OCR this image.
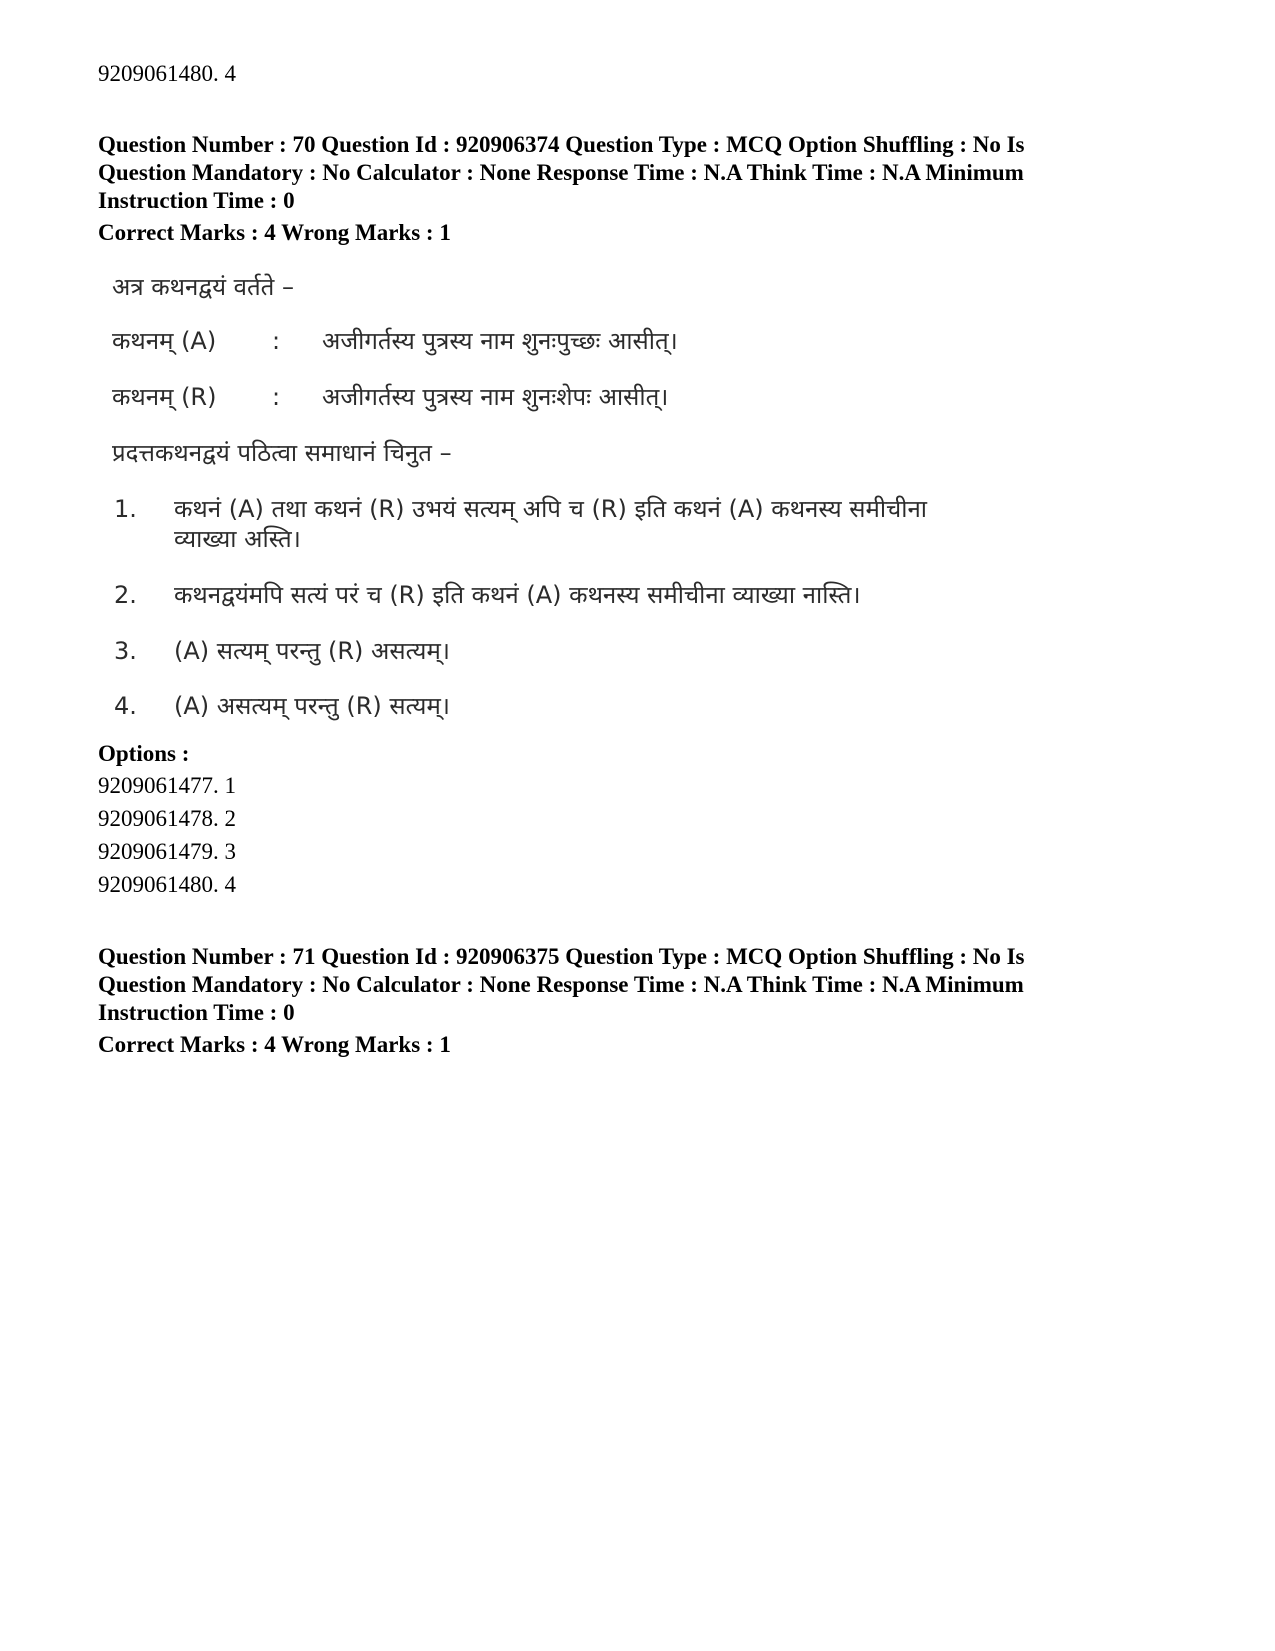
9209061480. 4
Question Number : 70 Question Id : 920906374 Question Type : MCQ Option Shuffling : No Is
Question Mandatory : No Calculator : None Response Time : N.A Think Time : N.A Minimum
Instruction Time : 0
Correct Marks : 4 Wrong Marks : 1
अत्र कथनद्वयं वर्तते –
कथनम् (A) : अजीगर्तस्य पुत्रस्य नाम शुनःपुच्छः आसीत्।
कथनम् (R) : अजीगर्तस्य पुत्रस्य नाम शुनःशेपः आसीत्।
प्रदत्तकथनद्वयं पठित्वा समाधानं चिनुत –
1. कथनं (A) तथा कथनं (R) उभयं सत्यम् अपि च (R) इति कथनं (A) कथनस्य समीचीना
व्याख्या अस्ति।
2. कथनद्वयंमपि सत्यं परं च (R) इति कथनं (A) कथनस्य समीचीना व्याख्या नास्ति।
3. (A) सत्यम् परन्तु (R) असत्यम्।
4. (A) असत्यम् परन्तु (R) सत्यम्।
Options :
9209061477. 1
9209061478. 2
9209061479. 3
9209061480. 4
Question Number : 71 Question Id : 920906375 Question Type : MCQ Option Shuffling : No Is
Question Mandatory : No Calculator : None Response Time : N.A Think Time : N.A Minimum
Instruction Time : 0
Correct Marks : 4 Wrong Marks : 1
